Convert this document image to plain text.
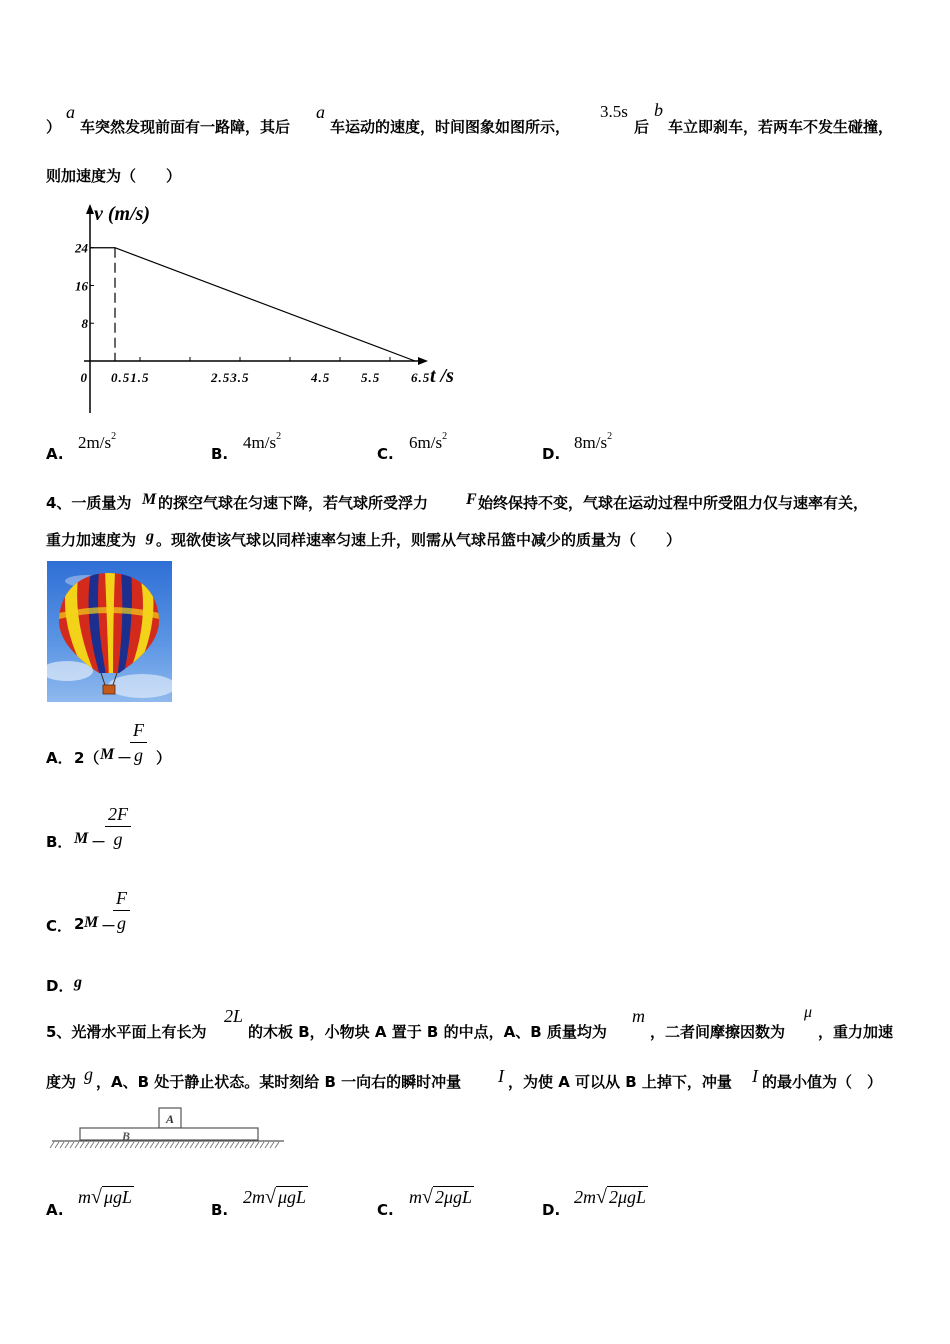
）
a
车突然发现前面有一路障，其后
a
车运动的速度，时间图象如图所示，
3.5s
后
b
车立即刹车，若两车不发生碰撞，
则加速度为（　　）
24
16
8
0 0.51.5	2.53.5	4.5 5.5 6.5
v (m/s)
t /s
A.
$2m/s^2$
B.
$4m/s^2$
C.
$6m/s^2$
D.
$8m/s^2$
4、一质量为 M 的探空气球在匀速下降，若气球所受浮力 F 始终保持不变，气球在运动过程中所受阻力仅与速率有关，
重力加速度为 g 。现欲使该气球以同样速率匀速上升，则需从气球吊篮中减少的质量为（　　）
A． 2（ M －
F
g ）
B． M －
2F
g
C． 2 M －
F
g
D． g
5、光滑水平面上有长为
2L
的木板 B，小物块 A 置于 B 的中点，A、B 质量均为
m
，二者间摩擦因数为
μ
，重力加速
度为 g ，A、B 处于静止状态。某时刻给 B 一向右的瞬时冲量 I ，为使 A 可以从 B 上掉下，冲量 I 的最小值为（　）
A
B
A.
m√ μgL
B.
2m√ μgL
C.
m√ 2μgL
D.
2m√ 2μgL
